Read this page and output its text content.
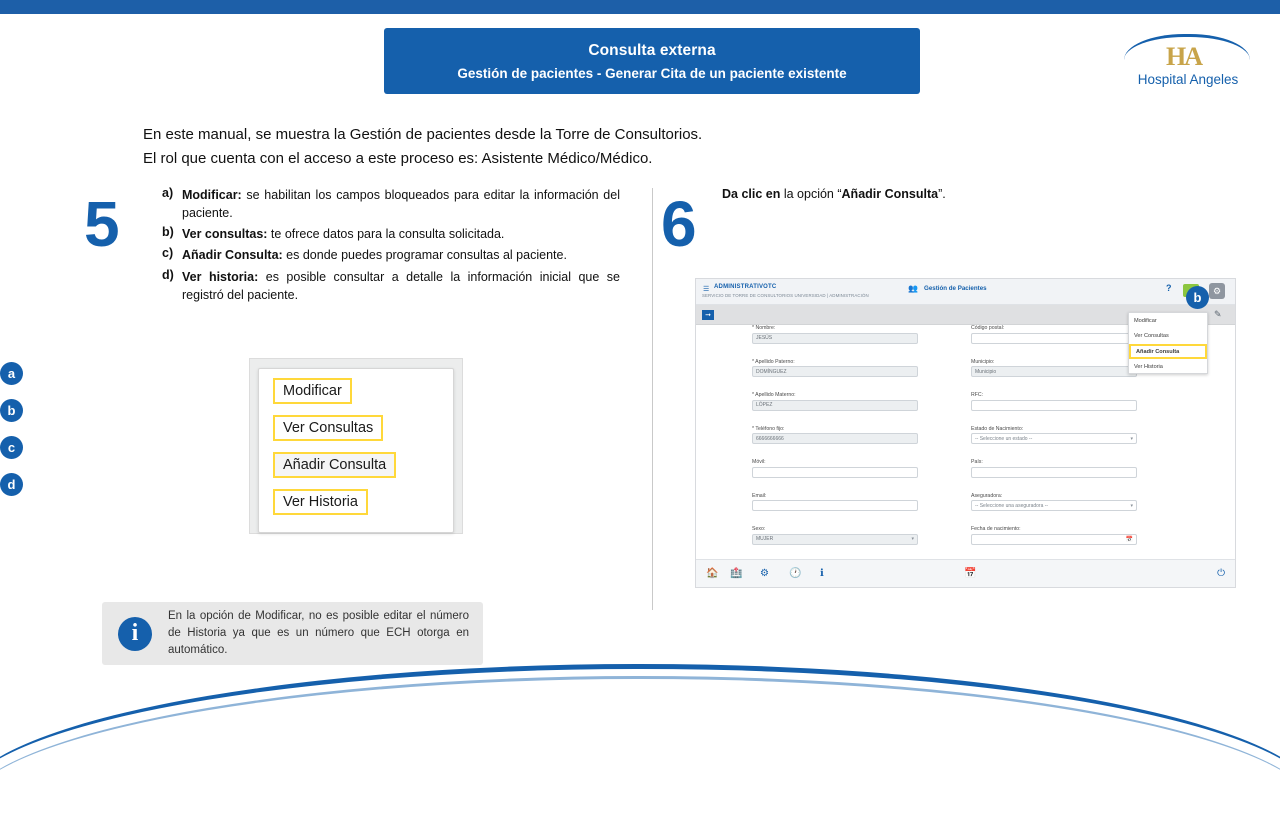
Consulta externa
Gestión de pacientes - Generar Cita de un paciente existente
HA
Hospital Angeles

En este manual, se muestra la Gestión de pacientes desde la Torre de Consultorios.

El rol que cuenta con el acceso a este proceso es: Asistente Médico/Médico.

5	6
a) Modificar: se habilitan los campos bloqueados para editar la información del paciente.
b) Ver consultas: te ofrece datos para la consulta solicitada.
c) Añadir Consulta: es donde puedes programar consultas al paciente.
d) Ver historia: es posible consultar a detalle la información inicial que se registró del paciente.
Da clic en la opción “Añadir Consulta”.
Modificar
Ver Consultas
Añadir Consulta
Ver Historia
a
b
c
d
i
En la opción de Modificar, no es posible editar el número de Historia ya que es un número que ECH otorga en automático.
☰ ADMINISTRATIVOTC
SERVICIO DE TORRE DE CONSULTORIOS UNIVERSIDAD | ADMINISTRACIÓN
👥 Gestión de Pacientes	?	⚙
➞	✎
* Nombre:
JESÚS
* Apellido Paterno:
DOMÍNGUEZ
* Apellido Materno:
LÓPEZ
* Teléfono fijo:
6666666666
Móvil:
Email:
Sexo:
MUJER	▾
Código postal:
Municipio:
Municipio
RFC:
Estado de Nacimiento:
-- Seleccione un estado --	▾
País:
Aseguradora:
-- Seleccione una aseguradora --	▾
Fecha de nacimiento:
📅
🏠 🏥 ⚙ 🕐 ℹ	📅	⏻
Modificar
Ver Consultas
Añadir Consulta
Ver Historia
b
